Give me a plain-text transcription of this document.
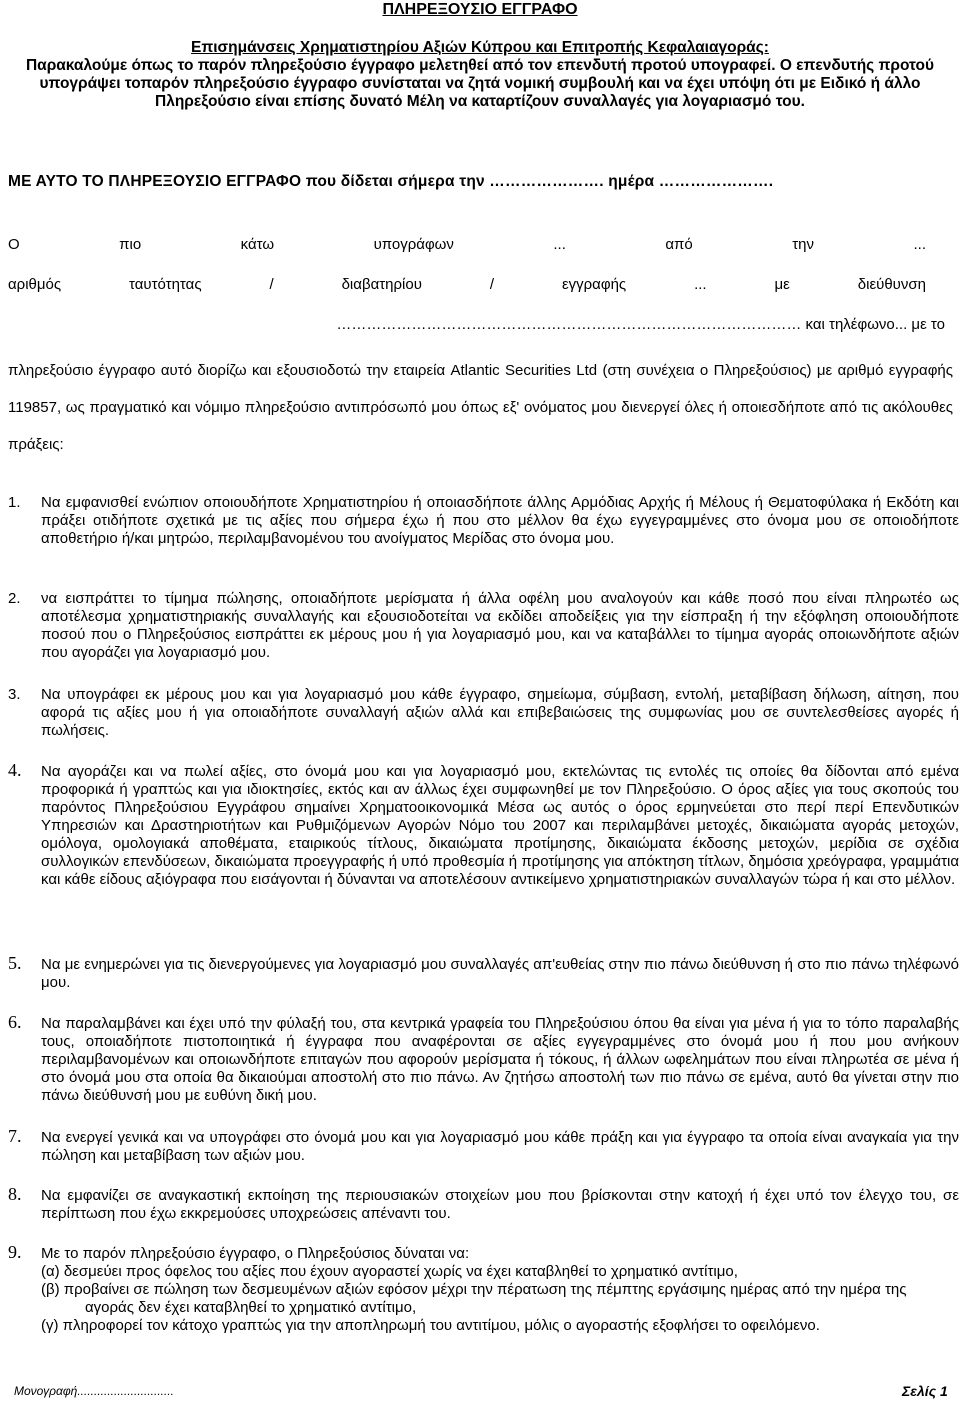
ΠΛΗΡΕΞΟΥΣΙΟ ΕΓΓΡΑΦΟ
Επισημάνσεις Χρηματιστηρίου Αξιών Κύπρου και Επιτροπής Κεφαλαιαγοράς:
Παρακαλούμε όπως το παρόν πληρεξούσιο έγγραφο μελετηθεί από τον επενδυτή προτού υπογραφεί. Ο επενδυτής προτού υπογράψει τοπαρόν πληρεξούσιο έγγραφο συνίσταται να ζητά νομική συμβουλή και να έχει υπόψη ότι με Ειδικό ή άλλο Πληρεξούσιο είναι επίσης δυνατό Μέλη να καταρτίζουν συναλλαγές για λογαριασμό του.
ΜΕ ΑΥΤΟ ΤΟ ΠΛΗΡΕΞΟΥΣΙΟ ΕΓΓΡΑΦΟ που δίδεται σήμερα την …………………. ημέρα ………………….
Ο πιο κάτω υπογράφων ... από την ...
αριθμός ταυτότητας / διαβατηρίου / εγγραφής ... με διεύθυνση
………………………………………………………………………………… και τηλέφωνο... με το
πληρεξούσιο έγγραφο αυτό διορίζω και εξουσιοδοτώ την εταιρεία Atlantic Securities Ltd (στη συνέχεια ο Πληρεξούσιος) με αριθμό εγγραφής 119857, ως πραγματικό και νόμιμο πληρεξούσιο αντιπρόσωπό μου όπως εξ' ονόματος μου διενεργεί όλες ή οποιεσδήποτε από τις ακόλουθες πράξεις:
1. Να εμφανισθεί ενώπιον οποιουδήποτε Χρηματιστηρίου ή οποιασδήποτε άλλης Αρμόδιας Αρχής ή Μέλους ή Θεματοφύλακα ή Εκδότη και πράξει οτιδήποτε σχετικά με τις αξίες που σήμερα έχω ή που στο μέλλον θα έχω εγγεγραμμένες στο όνομα μου σε οποιοδήποτε αποθετήριο ή/και μητρώο, περιλαμβανομένου του ανοίγματος Μερίδας στο όνομα μου.
2. να εισπράττει το τίμημα πώλησης, οποιαδήποτε μερίσματα ή άλλα οφέλη μου αναλογούν και κάθε ποσό που είναι πληρωτέο ως αποτέλεσμα χρηματιστηριακής συναλλαγής και εξουσιοδοτείται να εκδίδει αποδείξεις για την είσπραξη ή την εξόφληση οποιουδήποτε ποσού που ο Πληρεξούσιος εισπράττει εκ μέρους μου ή για λογαριασμό μου, και να καταβάλλει το τίμημα αγοράς οποιωνδήποτε αξιών που αγοράζει για λογαριασμό μου.
3. Να υπογράφει εκ μέρους μου και για λογαριασμό μου κάθε έγγραφο, σημείωμα, σύμβαση, εντολή, μεταβίβαση δήλωση, αίτηση, που αφορά τις αξίες μου ή για οποιαδήποτε συναλλαγή αξιών αλλά και επιβεβαιώσεις της συμφωνίας μου σε συντελεσθείσες αγορές ή πωλήσεις.
4. Να αγοράζει και να πωλεί αξίες, στο όνομά μου και για λογαριασμό μου, εκτελώντας τις εντολές τις οποίες θα δίδονται από εμένα προφορικά ή γραπτώς και για ιδιοκτησίες, εκτός και αν άλλως έχει συμφωνηθεί με τον Πληρεξούσιο. Ο όρος αξίες για τους σκοπούς του παρόντος Πληρεξούσιου Εγγράφου σημαίνει Χρηματοοικονομικά Μέσα ως αυτός ο όρος ερμηνεύεται στο περί περί Επενδυτικών Υπηρεσιών και Δραστηριοτήτων και Ρυθμιζόμενων Αγορών Νόμο του 2007 και περιλαμβάνει μετοχές, δικαιώματα αγοράς μετοχών, ομόλογα, ομολογιακά αποθέματα, εταιρικούς τίτλους, δικαιώματα προτίμησης, δικαιώματα έκδοσης μετοχών, μερίδια σε σχέδια συλλογικών επενδύσεων, δικαιώματα προεγγραφής ή υπό προθεσμία ή προτίμησης για απόκτηση τίτλων, δημόσια χρεόγραφα, γραμμάτια και κάθε είδους αξιόγραφα που εισάγονται ή δύνανται να αποτελέσουν αντικείμενο χρηματιστηριακών συναλλαγών τώρα ή και στο μέλλον.
5. Να με ενημερώνει για τις διενεργούμενες για λογαριασμό μου συναλλαγές απ'ευθείας στην πιο πάνω διεύθυνση ή στο πιο πάνω τηλέφωνό μου.
6. Να παραλαμβάνει και έχει υπό την φύλαξή του, στα κεντρικά γραφεία του Πληρεξούσιου όπου θα είναι για μένα ή για το τόπο παραλαβής τους, οποιαδήποτε πιστοποιητικά ή έγγραφα που αναφέρονται σε αξίες εγγεγραμμένες στο όνομά μου ή που μου ανήκουν περιλαμβανομένων και οποιωνδήποτε επιταγών που αφορούν μερίσματα ή τόκους, ή άλλων ωφελημάτων που είναι πληρωτέα σε μένα ή στο όνομά μου στα οποία θα δικαιούμαι αποστολή στο πιο πάνω. Αν ζητήσω αποστολή των πιο πάνω σε εμένα, αυτό θα γίνεται στην πιο πάνω διεύθυνσή μου με ευθύνη δική μου.
7. Να ενεργεί γενικά και να υπογράφει στο όνομά μου και για λογαριασμό μου κάθε πράξη και για έγγραφο τα οποία είναι αναγκαία για την πώληση και μεταβίβαση των αξιών μου.
8. Να εμφανίζει σε αναγκαστική εκποίηση της περιουσιακών στοιχείων μου που βρίσκονται στην κατοχή ή έχει υπό τον έλεγχο του, σε περίπτωση που έχω εκκρεμούσες υποχρεώσεις απέναντι του.
9. Με το παρόν πληρεξούσιο έγγραφο, ο Πληρεξούσιος δύναται να:
(α) δεσμεύει προς όφελος του αξίες που έχουν αγοραστεί χωρίς να έχει καταβληθεί το χρηματικό αντίτιμο,
(β) προβαίνει σε πώληση των δεσμευμένων αξιών εφόσον μέχρι την πέρατωση της πέμπτης εργάσιμης ημέρας από την ημέρα της αγοράς δεν έχει καταβληθεί το χρηματικό αντίτιμο,
(γ) πληροφορεί τον κάτοχο γραπτώς για την αποπληρωμή του αντιτίμου, μόλις ο αγοραστής εξοφλήσει το οφειλόμενο.
Μονογραφή.............................	Σελίς 1
